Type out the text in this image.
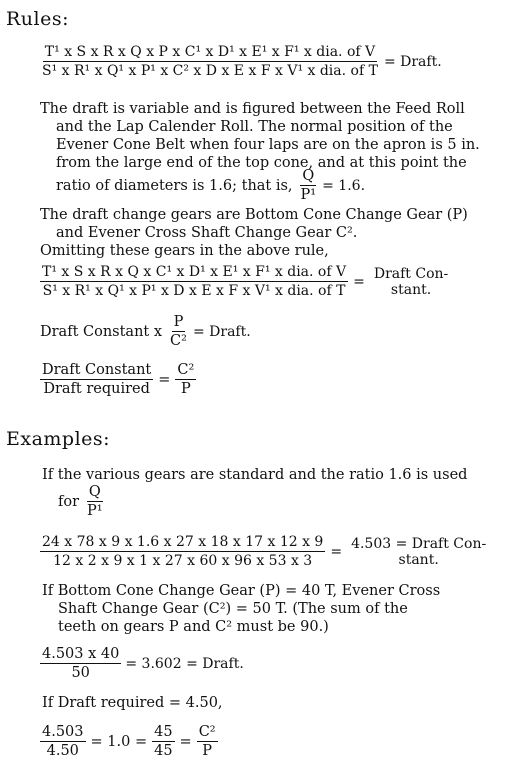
Rules:
$\frac{\text{T¹ x S x R x Q x P x C¹ x D¹ x E¹ x F¹ x dia. of V}}{\text{S¹ x R¹ x Q¹ x P¹ x C² x D x E x F x V¹ x dia. of T}}$ = Draft.

The draft is variable and is figured between the Feed Roll

and the Lap Calender Roll. The normal position of the

Evener Cone Belt when four laps are on the apron is 5 in.

from the large end of the top cone, and at this point the

ratio of diameters is 1.6; that is, $\frac{Q}{\text{P¹}} = 1.6$.

The draft change gears are Bottom Cone Change Gear (P)

and Evener Cross Shaft Change Gear C².

Omitting these gears in the above rule,

$\frac{\text{T¹ x S x R x Q x C¹ x D¹ x E¹ x F¹ x dia. of V}}{\text{S¹ x R¹ x Q¹ x P¹ x D x E x F x V¹ x dia. of T}}$ = Draft Con-
stant.
Draft Constant x $\frac{P}{\text{C²}}$ = Draft.
$\frac{\text{Draft Constant}}{\text{Draft required}} = \frac{\text{C²}}{P}$
Examples:

If the various gears are standard and the ratio 1.6 is used

for $\frac{Q}{\text{P¹}}$
$\frac{24 x 78 x 9 x 1.6 x 27 x 18 x 17 x 12 x 9}{12 x 2 x 9 x 1 x 27 x 60 x 96 x 53 x 3} = 4.503$ = Draft Con-
stant.

If Bottom Cone Change Gear (P) = 40 T, Evener Cross

Shaft Change Gear (C²) = 50 T. (The sum of the

teeth on gears P and C² must be 90.)

$\frac{4.503 x 40}{50} = 3.602$ = Draft.

If Draft required = 4.50,

$\frac{4.503}{4.50} = 1.0 = \frac{45}{45} = \frac{\text{C²}}{P}$
